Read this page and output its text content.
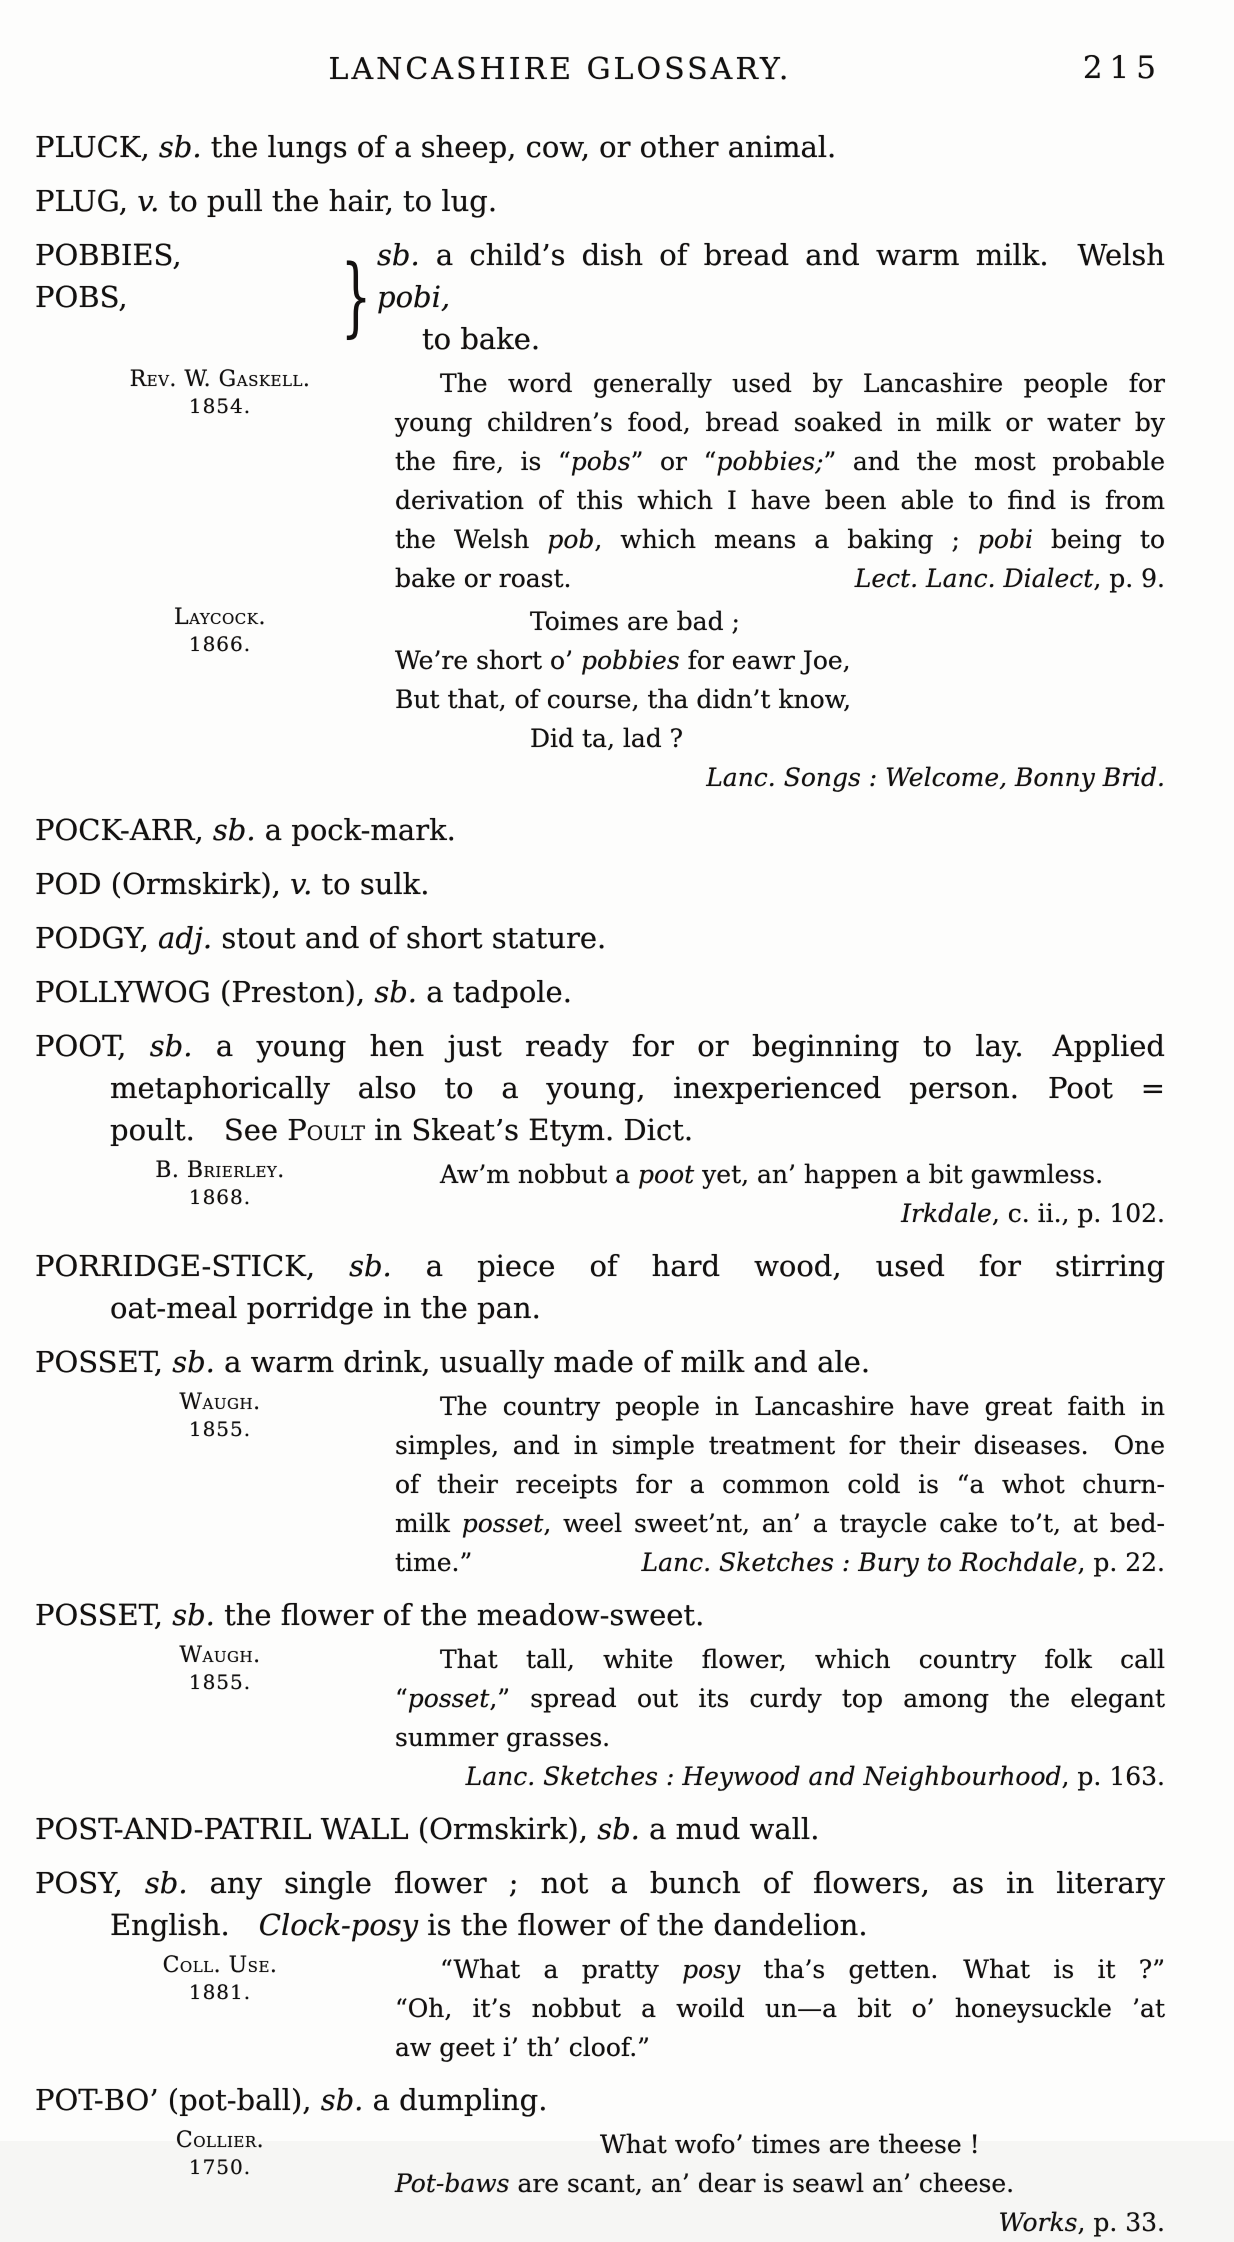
LANCASHIRE GLOSSARY.	215
PLUCK, sb. the lungs of a sheep, cow, or other animal.
PLUG, v. to pull the hair, to lug.
POBBIES,
POBS,	} sb. a child’s dish of bread and warm milk.  Welsh pobi,
to bake.
Rev. W. Gaskell.
1854.
The word generally used by Lancashire people for
young children’s food, bread soaked in milk or water by
the fire, is “pobs” or “pobbies;” and the most probable
derivation of this which I have been able to find is from
the Welsh pob, which means a baking ; pobi being to
bake or roast.	Lect. Lanc. Dialect, p. 9.
Laycock.
1866.
Toimes are bad ;
We’re short o’ pobbies for eawr Joe,
But that, of course, tha didn’t know,
Did ta, lad ?
Lanc. Songs : Welcome, Bonny Brid.
POCK-ARR, sb. a pock-mark.
POD (Ormskirk), v. to sulk.
PODGY, adj. stout and of short stature.
POLLYWOG (Preston), sb. a tadpole.
POOT, sb. a young hen just ready for or beginning to lay.  Applied
metaphorically also to a young, inexperienced person.  Poot =
poult.  See Poult in Skeat’s Etym. Dict.
B. Brierley.
1868.
Aw’m nobbut a poot yet, an’ happen a bit gawmless.
Irkdale, c. ii., p. 102.
PORRIDGE-STICK, sb. a piece of hard wood, used for stirring
oat-meal porridge in the pan.
POSSET, sb. a warm drink, usually made of milk and ale.
Waugh.
1855.
The country people in Lancashire have great faith in
simples, and in simple treatment for their diseases.  One
of their receipts for a common cold is “a whot churn-
milk posset, weel sweet’nt, an’ a traycle cake to’t, at bed-
time.”	Lanc. Sketches : Bury to Rochdale, p. 22.
POSSET, sb. the flower of the meadow-sweet.
Waugh.
1855.
That tall, white flower, which country folk call
“posset,” spread out its curdy top among the elegant
summer grasses.
Lanc. Sketches : Heywood and Neighbourhood, p. 163.
POST-AND-PATRIL WALL (Ormskirk), sb. a mud wall.
POSY, sb. any single flower ; not a bunch of flowers, as in literary
English.  Clock-posy is the flower of the dandelion.
Coll. Use.
1881.
“What a pratty posy tha’s getten.  What is it ?”
“Oh, it’s nobbut a woild un—a bit o’ honeysuckle ’at
aw geet i’ th’ cloof.”
POT-BO’ (pot-ball), sb. a dumpling.
Collier.
1750.
What wofo’ times are theese !
Pot-baws are scant, an’ dear is seawl an’ cheese.
Works, p. 33.
